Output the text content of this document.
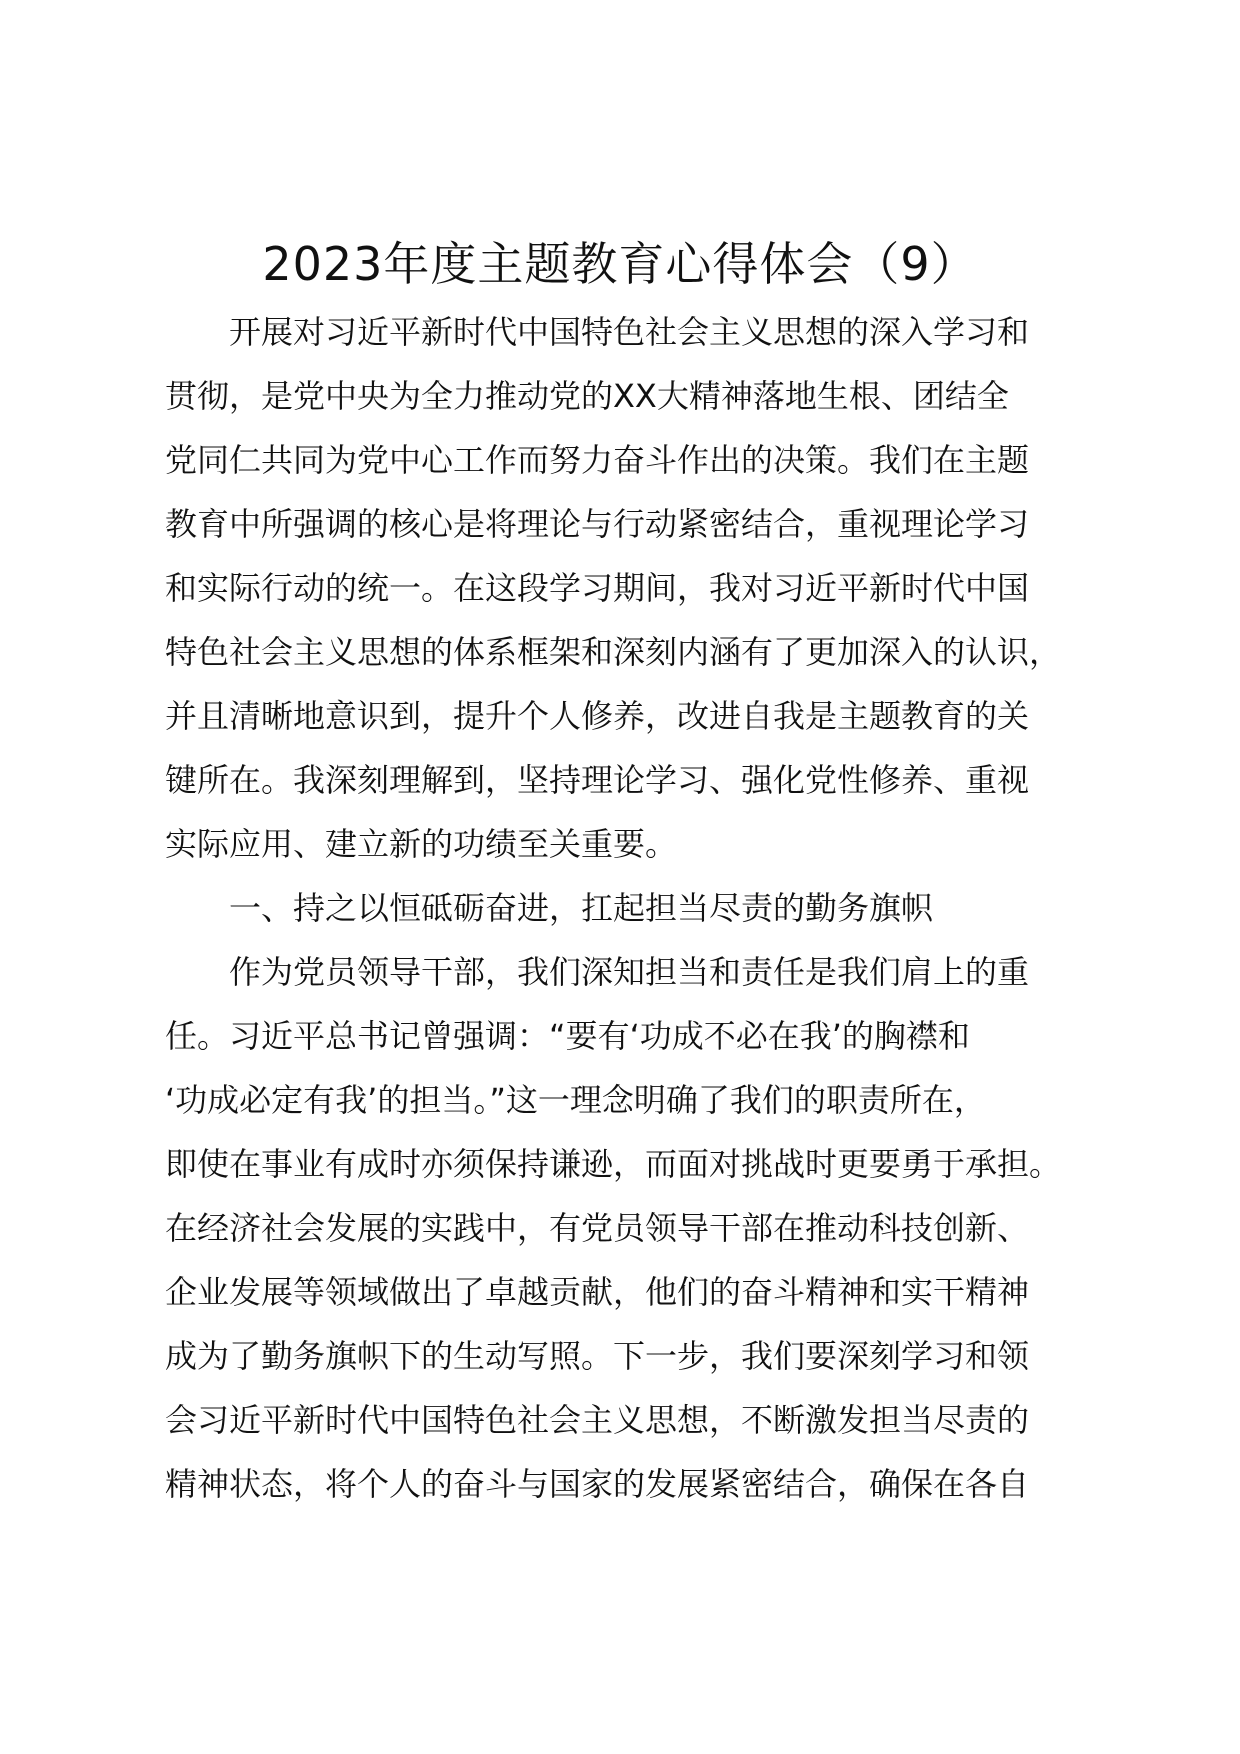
2023年度主题教育心得体会（9）
　　开展对习近平新时代中国特色社会主义思想的深入学习和
贯彻，是党中央为全力推动党的XX大精神落地生根、团结全
党同仁共同为党中心工作而努力奋斗作出的决策。我们在主题
教育中所强调的核心是将理论与行动紧密结合，重视理论学习
和实际行动的统一。在这段学习期间，我对习近平新时代中国
特色社会主义思想的体系框架和深刻内涵有了更加深入的认识，
并且清晰地意识到，提升个人修养，改进自我是主题教育的关
键所在。我深刻理解到，坚持理论学习、强化党性修养、重视
实际应用、建立新的功绩至关重要。
　　一、持之以恒砥砺奋进，扛起担当尽责的勤务旗帜
　　作为党员领导干部，我们深知担当和责任是我们肩上的重
任。习近平总书记曾强调：“要有‘功成不必在我’的胸襟和
‘功成必定有我’的担当。”这一理念明确了我们的职责所在，
即使在事业有成时亦须保持谦逊，而面对挑战时更要勇于承担。
在经济社会发展的实践中，有党员领导干部在推动科技创新、
企业发展等领域做出了卓越贡献，他们的奋斗精神和实干精神
成为了勤务旗帜下的生动写照。下一步，我们要深刻学习和领
会习近平新时代中国特色社会主义思想，不断激发担当尽责的
精神状态，将个人的奋斗与国家的发展紧密结合，确保在各自
